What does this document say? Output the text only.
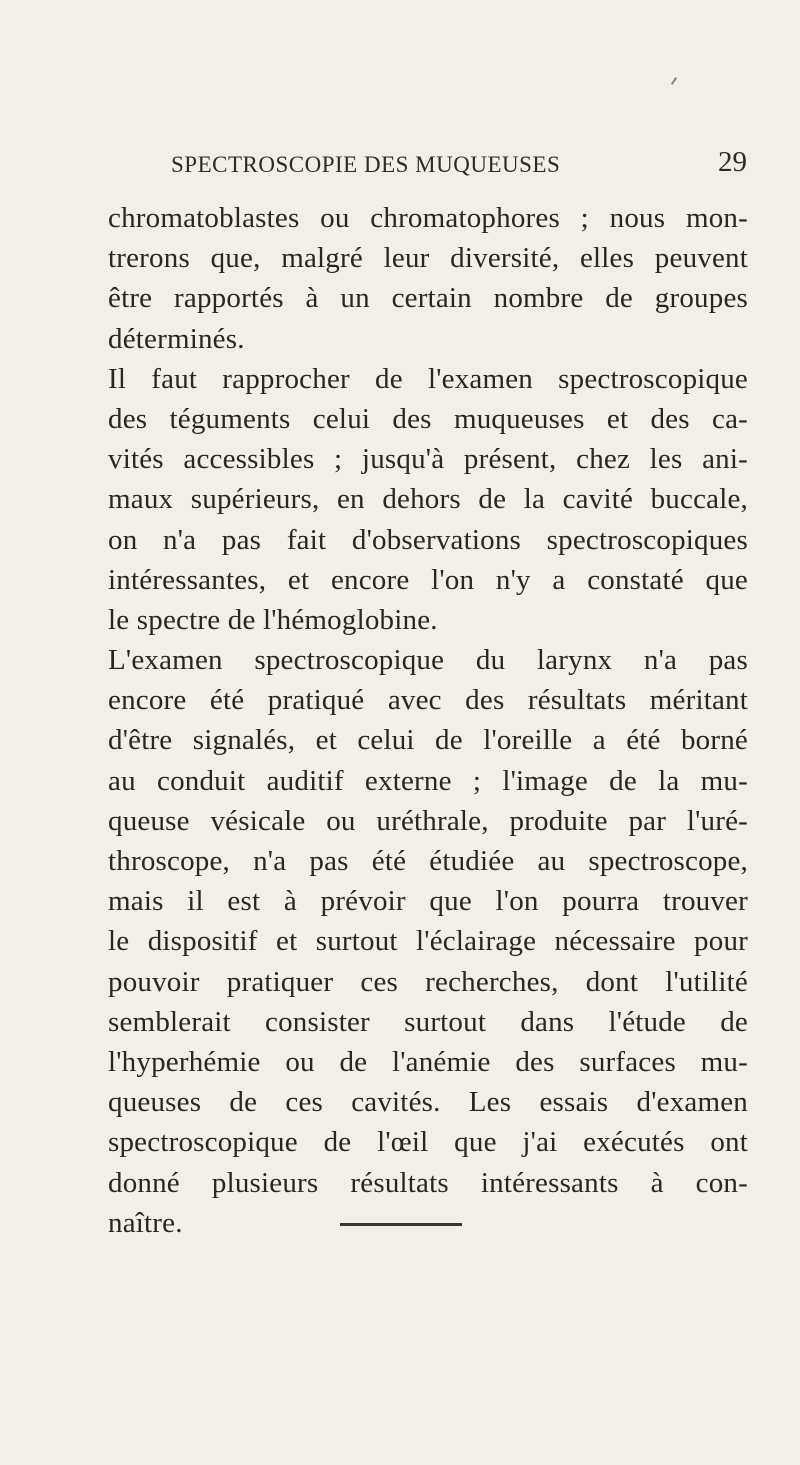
SPECTROSCOPIE DES MUQUEUSES	29
chromatoblastes ou chromatophores ; nous mon-
trerons que, malgré leur diversité, elles peuvent
être rapportés à un certain nombre de groupes
déterminés.
Il faut rapprocher de l'examen spectroscopique
des téguments celui des muqueuses et des ca-
vités accessibles ; jusqu'à présent, chez les ani-
maux supérieurs, en dehors de la cavité buccale,
on n'a pas fait d'observations spectroscopiques
intéressantes, et encore l'on n'y a constaté que
le spectre de l'hémoglobine.
L'examen spectroscopique du larynx n'a pas
encore été pratiqué avec des résultats méritant
d'être signalés, et celui de l'oreille a été borné
au conduit auditif externe ; l'image de la mu-
queuse vésicale ou uréthrale, produite par l'uré-
throscope, n'a pas été étudiée au spectroscope,
mais il est à prévoir que l'on pourra trouver
le dispositif et surtout l'éclairage nécessaire pour
pouvoir pratiquer ces recherches, dont l'utilité
semblerait consister surtout dans l'étude de
l'hyperhémie ou de l'anémie des surfaces mu-
queuses de ces cavités. Les essais d'examen
spectroscopique de l'œil que j'ai exécutés ont
donné plusieurs résultats intéressants à con-
naître.
